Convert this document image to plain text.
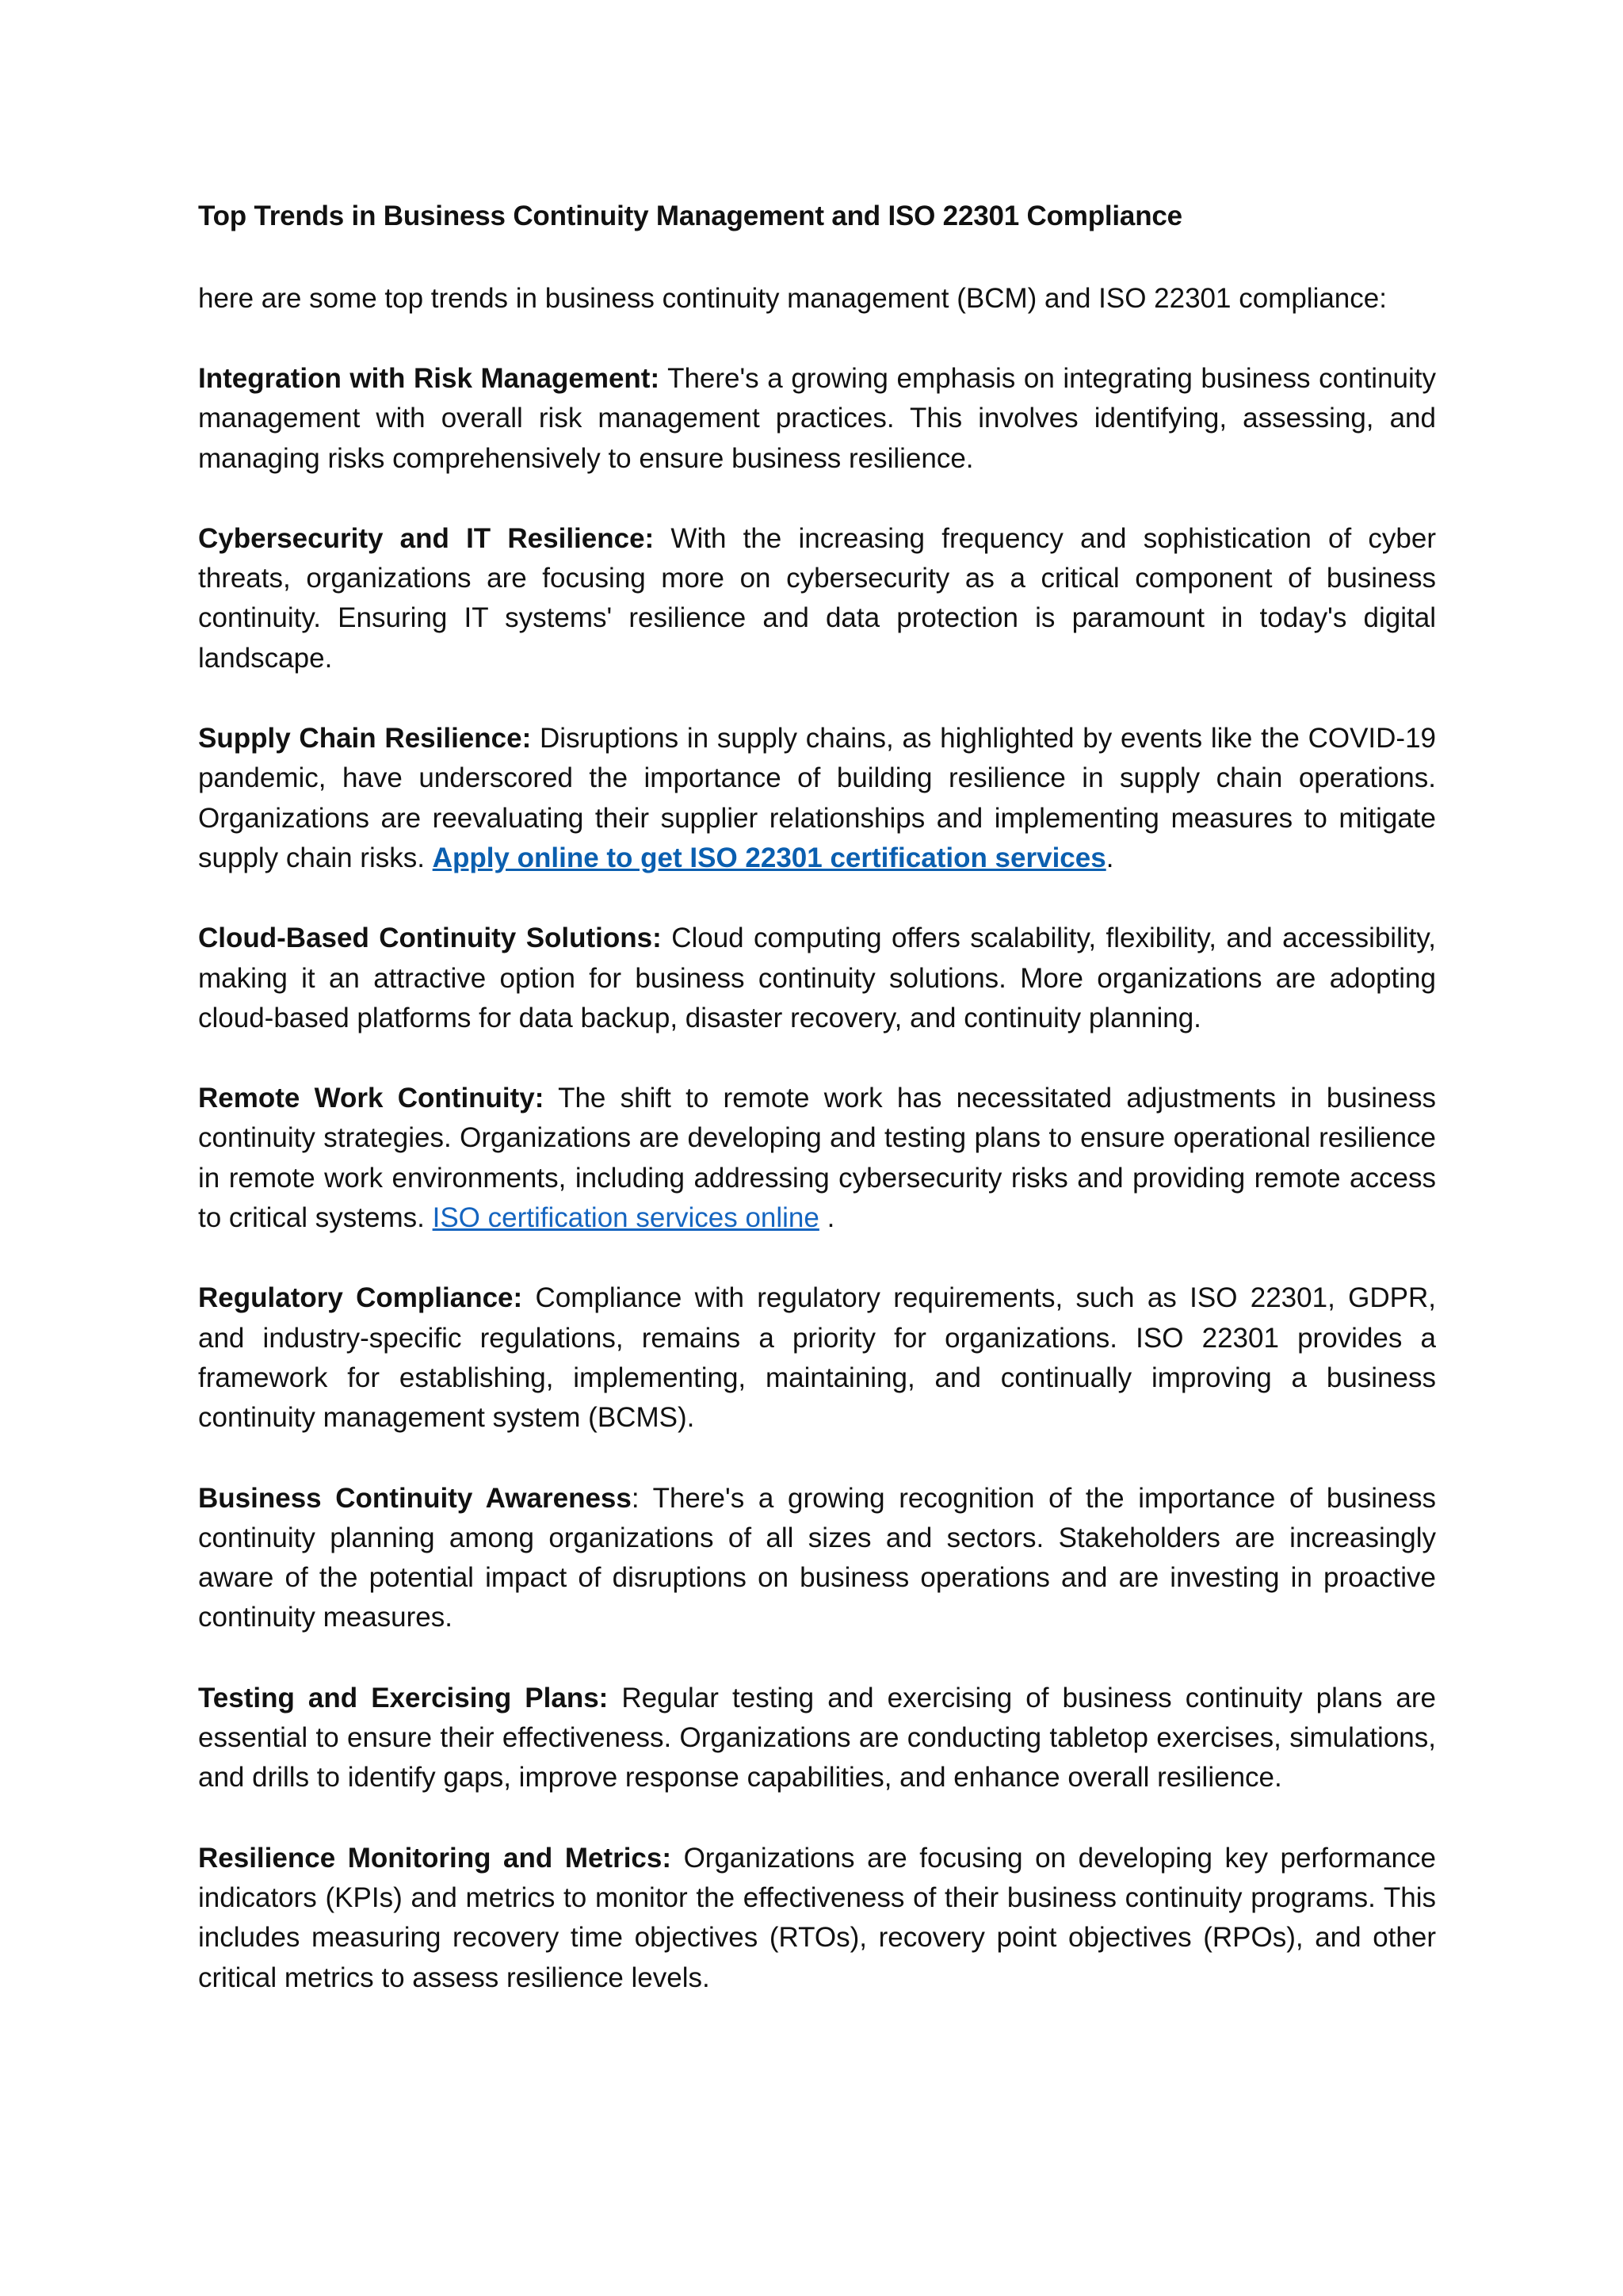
Top Trends in Business Continuity Management and ISO 22301 Compliance

here are some top trends in business continuity management (BCM) and ISO 22301 compliance:

Integration with Risk Management: There's a growing emphasis on integrating business continuity management with overall risk management practices. This involves identifying, assessing, and managing risks comprehensively to ensure business resilience.

Cybersecurity and IT Resilience: With the increasing frequency and sophistication of cyber threats, organizations are focusing more on cybersecurity as a critical component of business continuity. Ensuring IT systems' resilience and data protection is paramount in today's digital landscape.

Supply Chain Resilience: Disruptions in supply chains, as highlighted by events like the COVID-19 pandemic, have underscored the importance of building resilience in supply chain operations. Organizations are reevaluating their supplier relationships and implementing measures to mitigate supply chain risks. Apply online to get ISO 22301 certification services.

Cloud-Based Continuity Solutions: Cloud computing offers scalability, flexibility, and accessibility, making it an attractive option for business continuity solutions. More organizations are adopting cloud-based platforms for data backup, disaster recovery, and continuity planning.

Remote Work Continuity: The shift to remote work has necessitated adjustments in business continuity strategies. Organizations are developing and testing plans to ensure operational resilience in remote work environments, including addressing cybersecurity risks and providing remote access to critical systems. ISO certification services online .

Regulatory Compliance: Compliance with regulatory requirements, such as ISO 22301, GDPR, and industry-specific regulations, remains a priority for organizations. ISO 22301 provides a framework for establishing, implementing, maintaining, and continually improving a business continuity management system (BCMS).

Business Continuity Awareness: There's a growing recognition of the importance of business continuity planning among organizations of all sizes and sectors. Stakeholders are increasingly aware of the potential impact of disruptions on business operations and are investing in proactive continuity measures.

Testing and Exercising Plans: Regular testing and exercising of business continuity plans are essential to ensure their effectiveness. Organizations are conducting tabletop exercises, simulations, and drills to identify gaps, improve response capabilities, and enhance overall resilience.

Resilience Monitoring and Metrics: Organizations are focusing on developing key performance indicators (KPIs) and metrics to monitor the effectiveness of their business continuity programs. This includes measuring recovery time objectives (RTOs), recovery point objectives (RPOs), and other critical metrics to assess resilience levels.
